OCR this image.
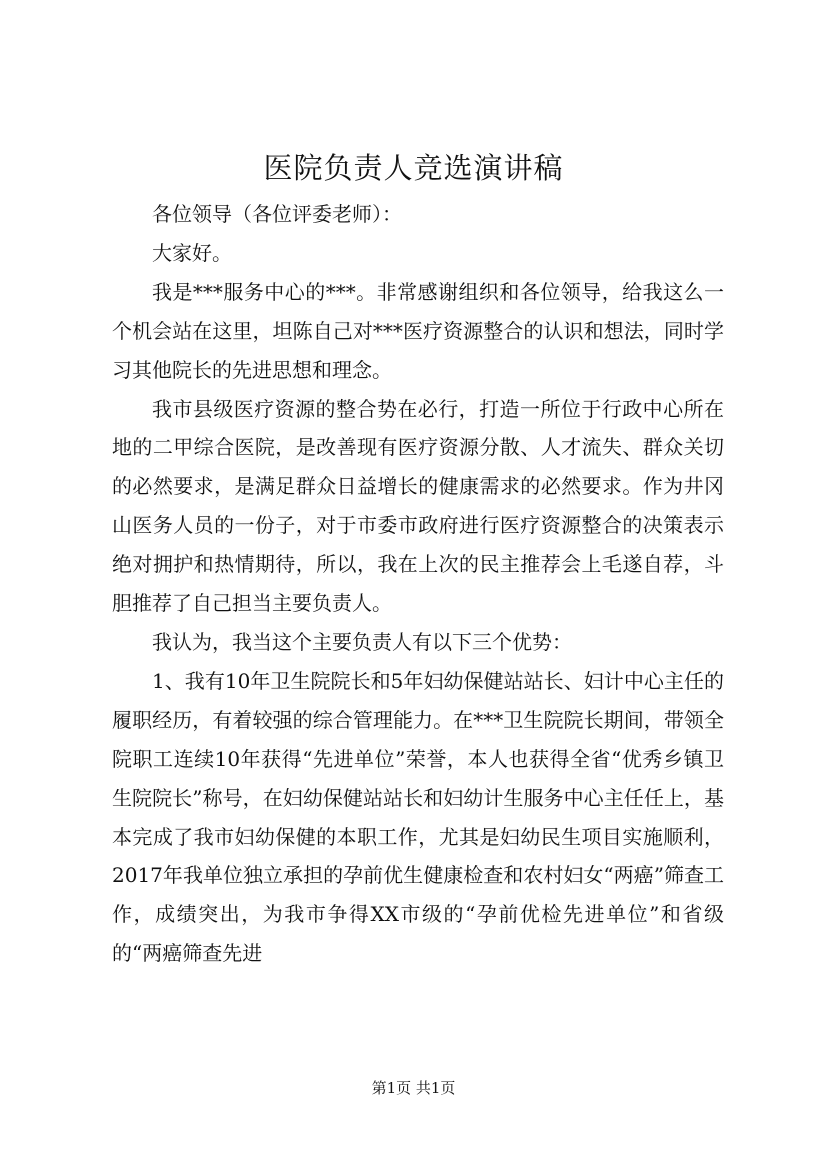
医院负责人竞选演讲稿

各位领导（各位评委老师）：

大家好。

我是***服务中心的***。非常感谢组织和各位领导，给我这么一个机会站在这里，坦陈自己对***医疗资源整合的认识和想法，同时学习其他院长的先进思想和理念。

我市县级医疗资源的整合势在必行，打造一所位于行政中心所在地的二甲综合医院，是改善现有医疗资源分散、人才流失、群众关切的必然要求，是满足群众日益增长的健康需求的必然要求。作为井冈山医务人员的一份子，对于市委市政府进行医疗资源整合的决策表示绝对拥护和热情期待，所以，我在上次的民主推荐会上毛遂自荐，斗胆推荐了自己担当主要负责人。

我认为，我当这个主要负责人有以下三个优势：

1、我有10年卫生院院长和5年妇幼保健站站长、妇计中心主任的履职经历，有着较强的综合管理能力。在***卫生院院长期间，带领全院职工连续10年获得“先进单位”荣誉，本人也获得全省“优秀乡镇卫生院院长”称号，在妇幼保健站站长和妇幼计生服务中心主任任上，基本完成了我市妇幼保健的本职工作，尤其是妇幼民生项目实施顺利，2017年我单位独立承担的孕前优生健康检查和农村妇女“两癌”筛查工作，成绩突出，为我市争得XX市级的“孕前优检先进单位”和省级的“两癌筛查先进

第1页 共1页
